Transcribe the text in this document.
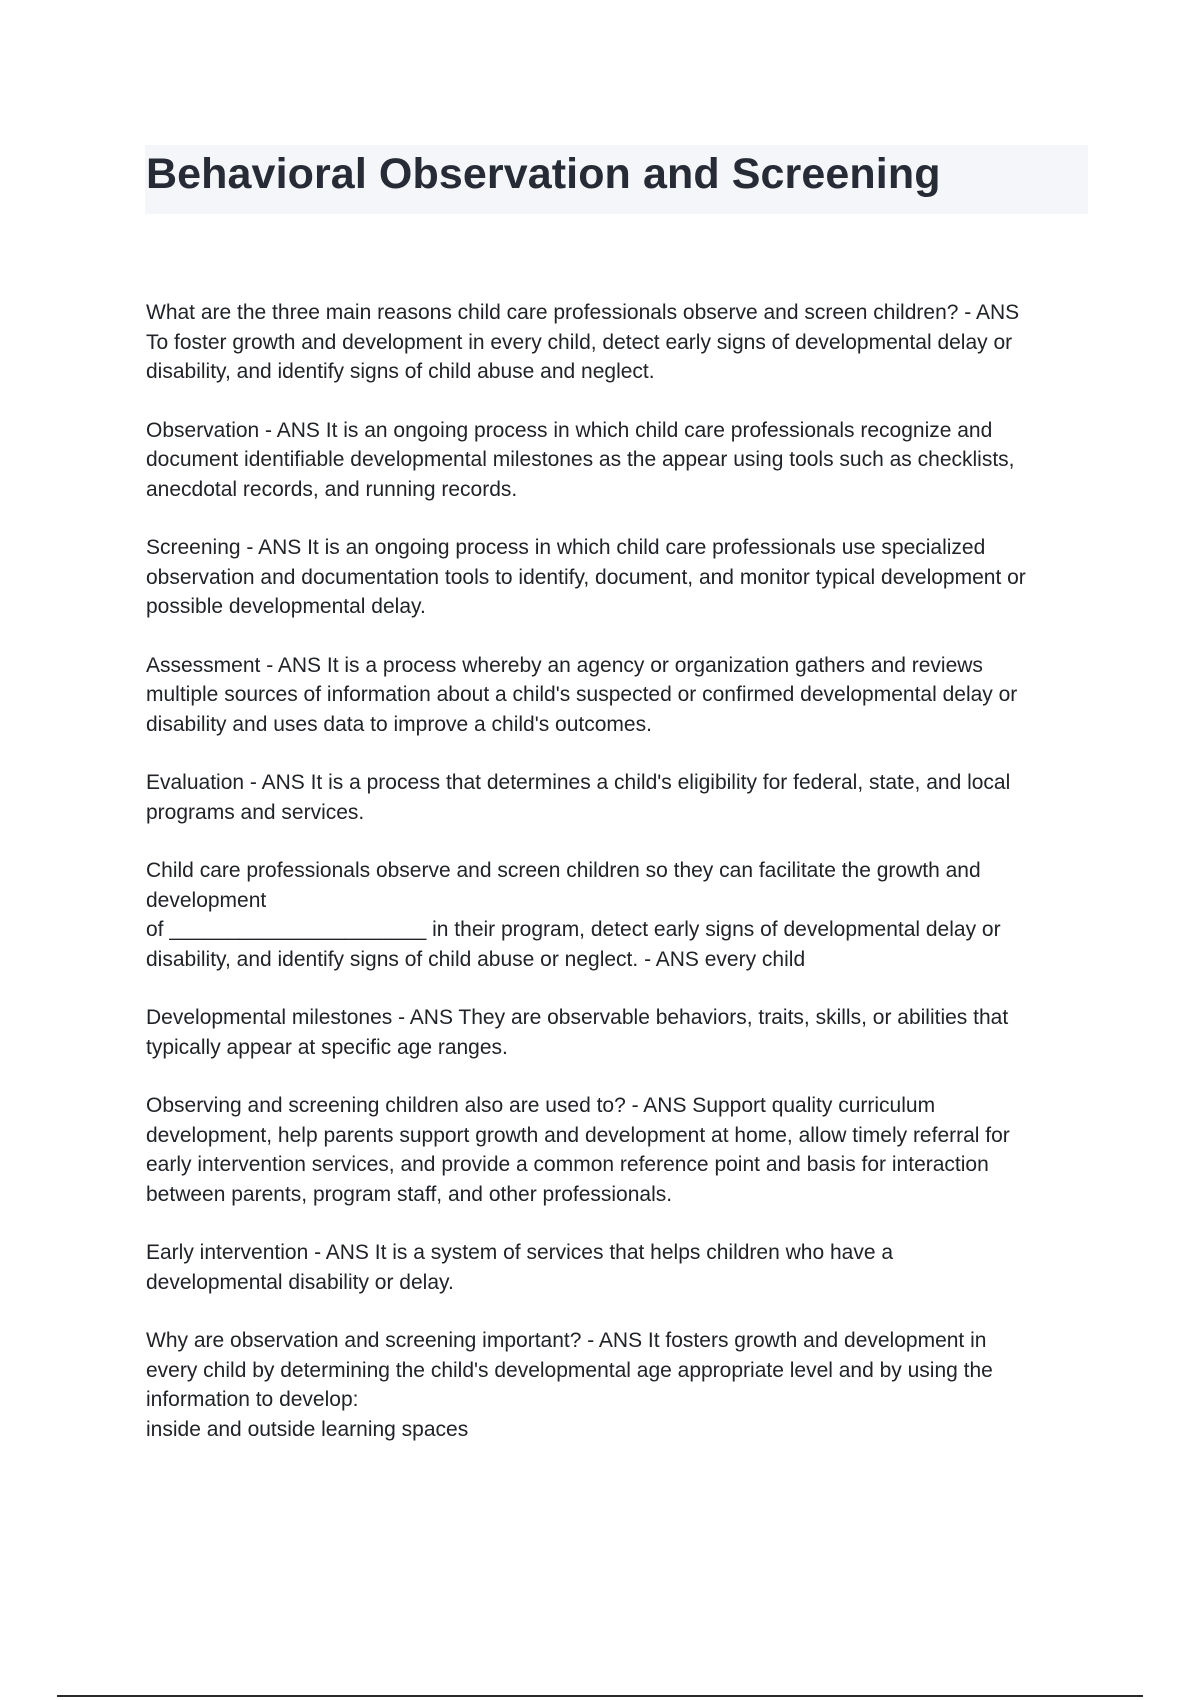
Behavioral Observation and Screening

What are the three main reasons child care professionals observe and screen children? - ANS
To foster growth and development in every child, detect early signs of developmental delay or
disability, and identify signs of child abuse and neglect.

Observation - ANS It is an ongoing process in which child care professionals recognize and
document identifiable developmental milestones as the appear using tools such as checklists,
anecdotal records, and running records.

Screening - ANS It is an ongoing process in which child care professionals use specialized
observation and documentation tools to identify, document, and monitor typical development or
possible developmental delay.

Assessment - ANS It is a process whereby an agency or organization gathers and reviews
multiple sources of information about a child's suspected or confirmed developmental delay or
disability and uses data to improve a child's outcomes.

Evaluation - ANS It is a process that determines a child's eligibility for federal, state, and local
programs and services.

Child care professionals observe and screen children so they can facilitate the growth and
development
of ______________________ in their program, detect early signs of developmental delay or
disability, and identify signs of child abuse or neglect. - ANS every child

Developmental milestones - ANS They are observable behaviors, traits, skills, or abilities that
typically appear at specific age ranges.

Observing and screening children also are used to? - ANS Support quality curriculum
development, help parents support growth and development at home, allow timely referral for
early intervention services, and provide a common reference point and basis for interaction
between parents, program staff, and other professionals.

Early intervention - ANS It is a system of services that helps children who have a
developmental disability or delay.

Why are observation and screening important? - ANS It fosters growth and development in
every child by determining the child's developmental age appropriate level and by using the
information to develop:
inside and outside learning spaces
